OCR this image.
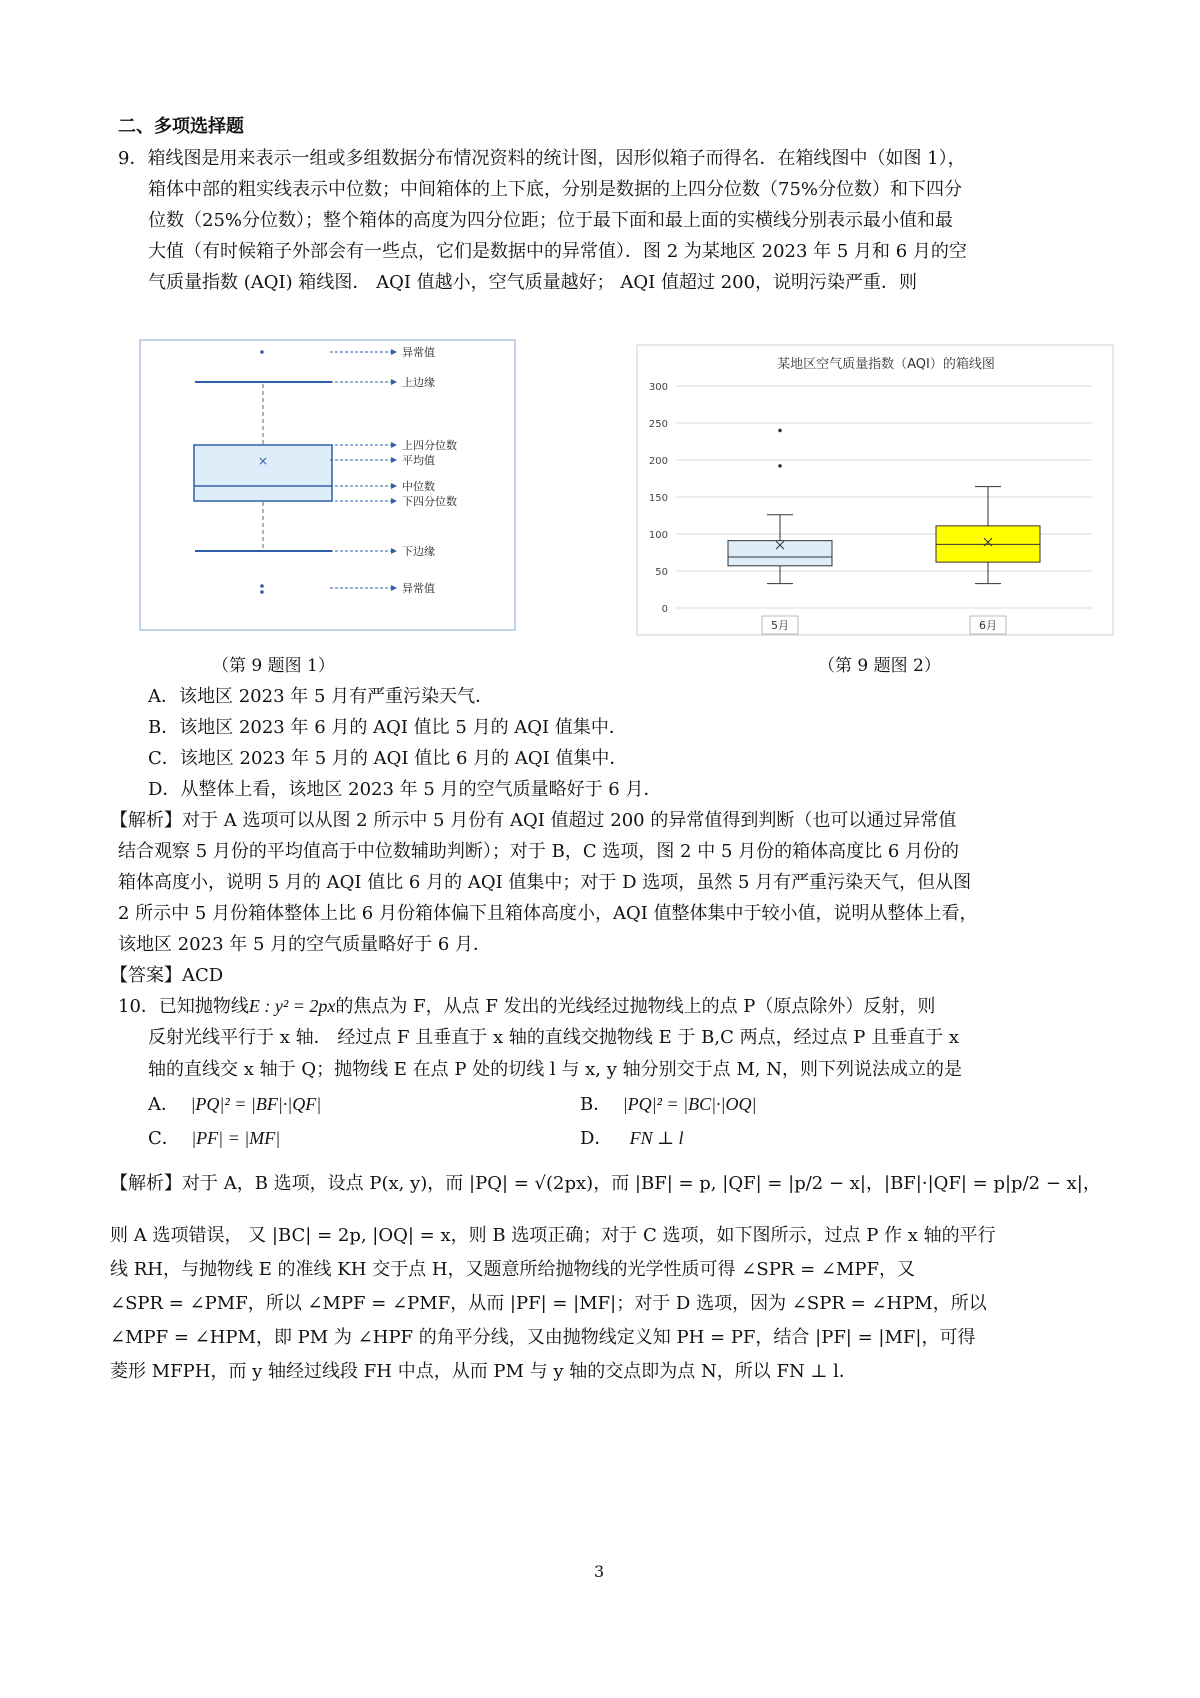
二、多项选择题
9．箱线图是用来表示一组或多组数据分布情况资料的统计图，因形似箱子而得名．在箱线图中（如图 1），
箱体中部的粗实线表示中位数；中间箱体的上下底，分别是数据的上四分位数（75%分位数）和下四分
位数（25%分位数）；整个箱体的高度为四分位距；位于最下面和最上面的实横线分别表示最小值和最
大值（有时候箱子外部会有一些点，它们是数据中的异常值）．图 2 为某地区 2023 年 5 月和 6 月的空
气质量指数 (AQI) 箱线图． AQI 值越小，空气质量越好； AQI 值超过 200，说明污染严重．则
×
异常值
上边缘
上四分位数
平均值
中位数
下四分位数
下边缘
异常值
某地区空气质量指数（AQI）的箱线图
0
50
100
150
200
250
300
5月	6月
（第 9 题图 1）	（第 9 题图 2）
A．该地区 2023 年 5 月有严重污染天气．
B．该地区 2023 年 6 月的 AQI 值比 5 月的 AQI 值集中．
C．该地区 2023 年 5 月的 AQI 值比 6 月的 AQI 值集中．
D．从整体上看，该地区 2023 年 5 月的空气质量略好于 6 月．
【解析】对于 A 选项可以从图 2 所示中 5 月份有 AQI 值超过 200 的异常值得到判断（也可以通过异常值
结合观察 5 月份的平均值高于中位数辅助判断）；对于 B，C 选项，图 2 中 5 月份的箱体高度比 6 月份的
箱体高度小，说明 5 月的 AQI 值比 6 月的 AQI 值集中；对于 D 选项，虽然 5 月有严重污染天气，但从图
2 所示中 5 月份箱体整体上比 6 月份箱体偏下且箱体高度小，AQI 值整体集中于较小值，说明从整体上看，
该地区 2023 年 5 月的空气质量略好于 6 月．
【答案】ACD
10．已知抛物线E : y² = 2px的焦点为 F，从点 F 发出的光线经过抛物线上的点 P（原点除外）反射，则
反射光线平行于 x 轴． 经过点 F 且垂直于 x 轴的直线交抛物线 E 于 B,C 两点，经过点 P 且垂直于 x
轴的直线交 x 轴于 Q；抛物线 E 在点 P 处的切线 l 与 x, y 轴分别交于点 M, N，则下列说法成立的是
A． |PQ|² = |BF|·|QF|	B． |PQ|² = |BC|·|OQ|
C． |PF| = |MF|	D． FN ⊥ l
【解析】对于 A，B 选项，设点 P(x, y)，而 |PQ| = √(2px)，而 |BF| = p, |QF| = |p/2 − x|，|BF|·|QF| = p|p/2 − x|，
则 A 选项错误， 又 |BC| = 2p, |OQ| = x，则 B 选项正确；对于 C 选项，如下图所示，过点 P 作 x 轴的平行
线 RH，与抛物线 E 的准线 KH 交于点 H，又题意所给抛物线的光学性质可得 ∠SPR = ∠MPF，又
∠SPR = ∠PMF，所以 ∠MPF = ∠PMF，从而 |PF| = |MF|；对于 D 选项，因为 ∠SPR = ∠HPM，所以
∠MPF = ∠HPM，即 PM 为 ∠HPF 的角平分线，又由抛物线定义知 PH = PF，结合 |PF| = |MF|，可得
菱形 MFPH，而 y 轴经过线段 FH 中点，从而 PM 与 y 轴的交点即为点 N，所以 FN ⊥ l．
3
